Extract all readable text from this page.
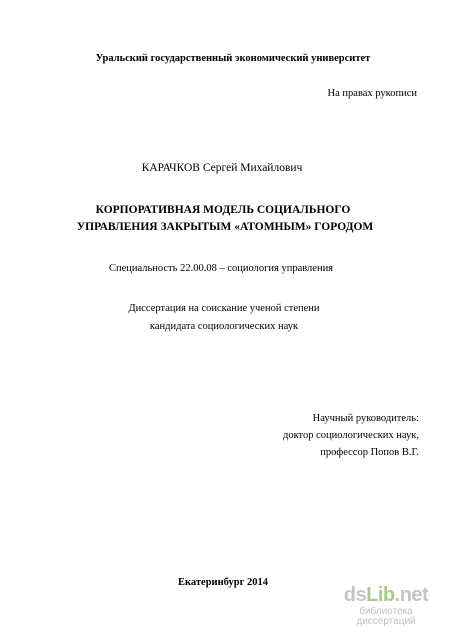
Уральский государственный экономический университет
На правах рукописи
КАРАЧКОВ Сергей Михайлович
КОРПОРАТИВНАЯ МОДЕЛЬ СОЦИАЛЬНОГО
УПРАВЛЕНИЯ ЗАКРЫТЫМ «АТОМНЫМ» ГОРОДОМ
Специальность 22.00.08 – социология управления
Диссертация на соискание ученой степени
кандидата социологических наук
Научный руководитель:
доктор социологических наук,
профессор Попов В.Г.
Екатеринбург 2014
dsLib.net
библиотека диссертаций
